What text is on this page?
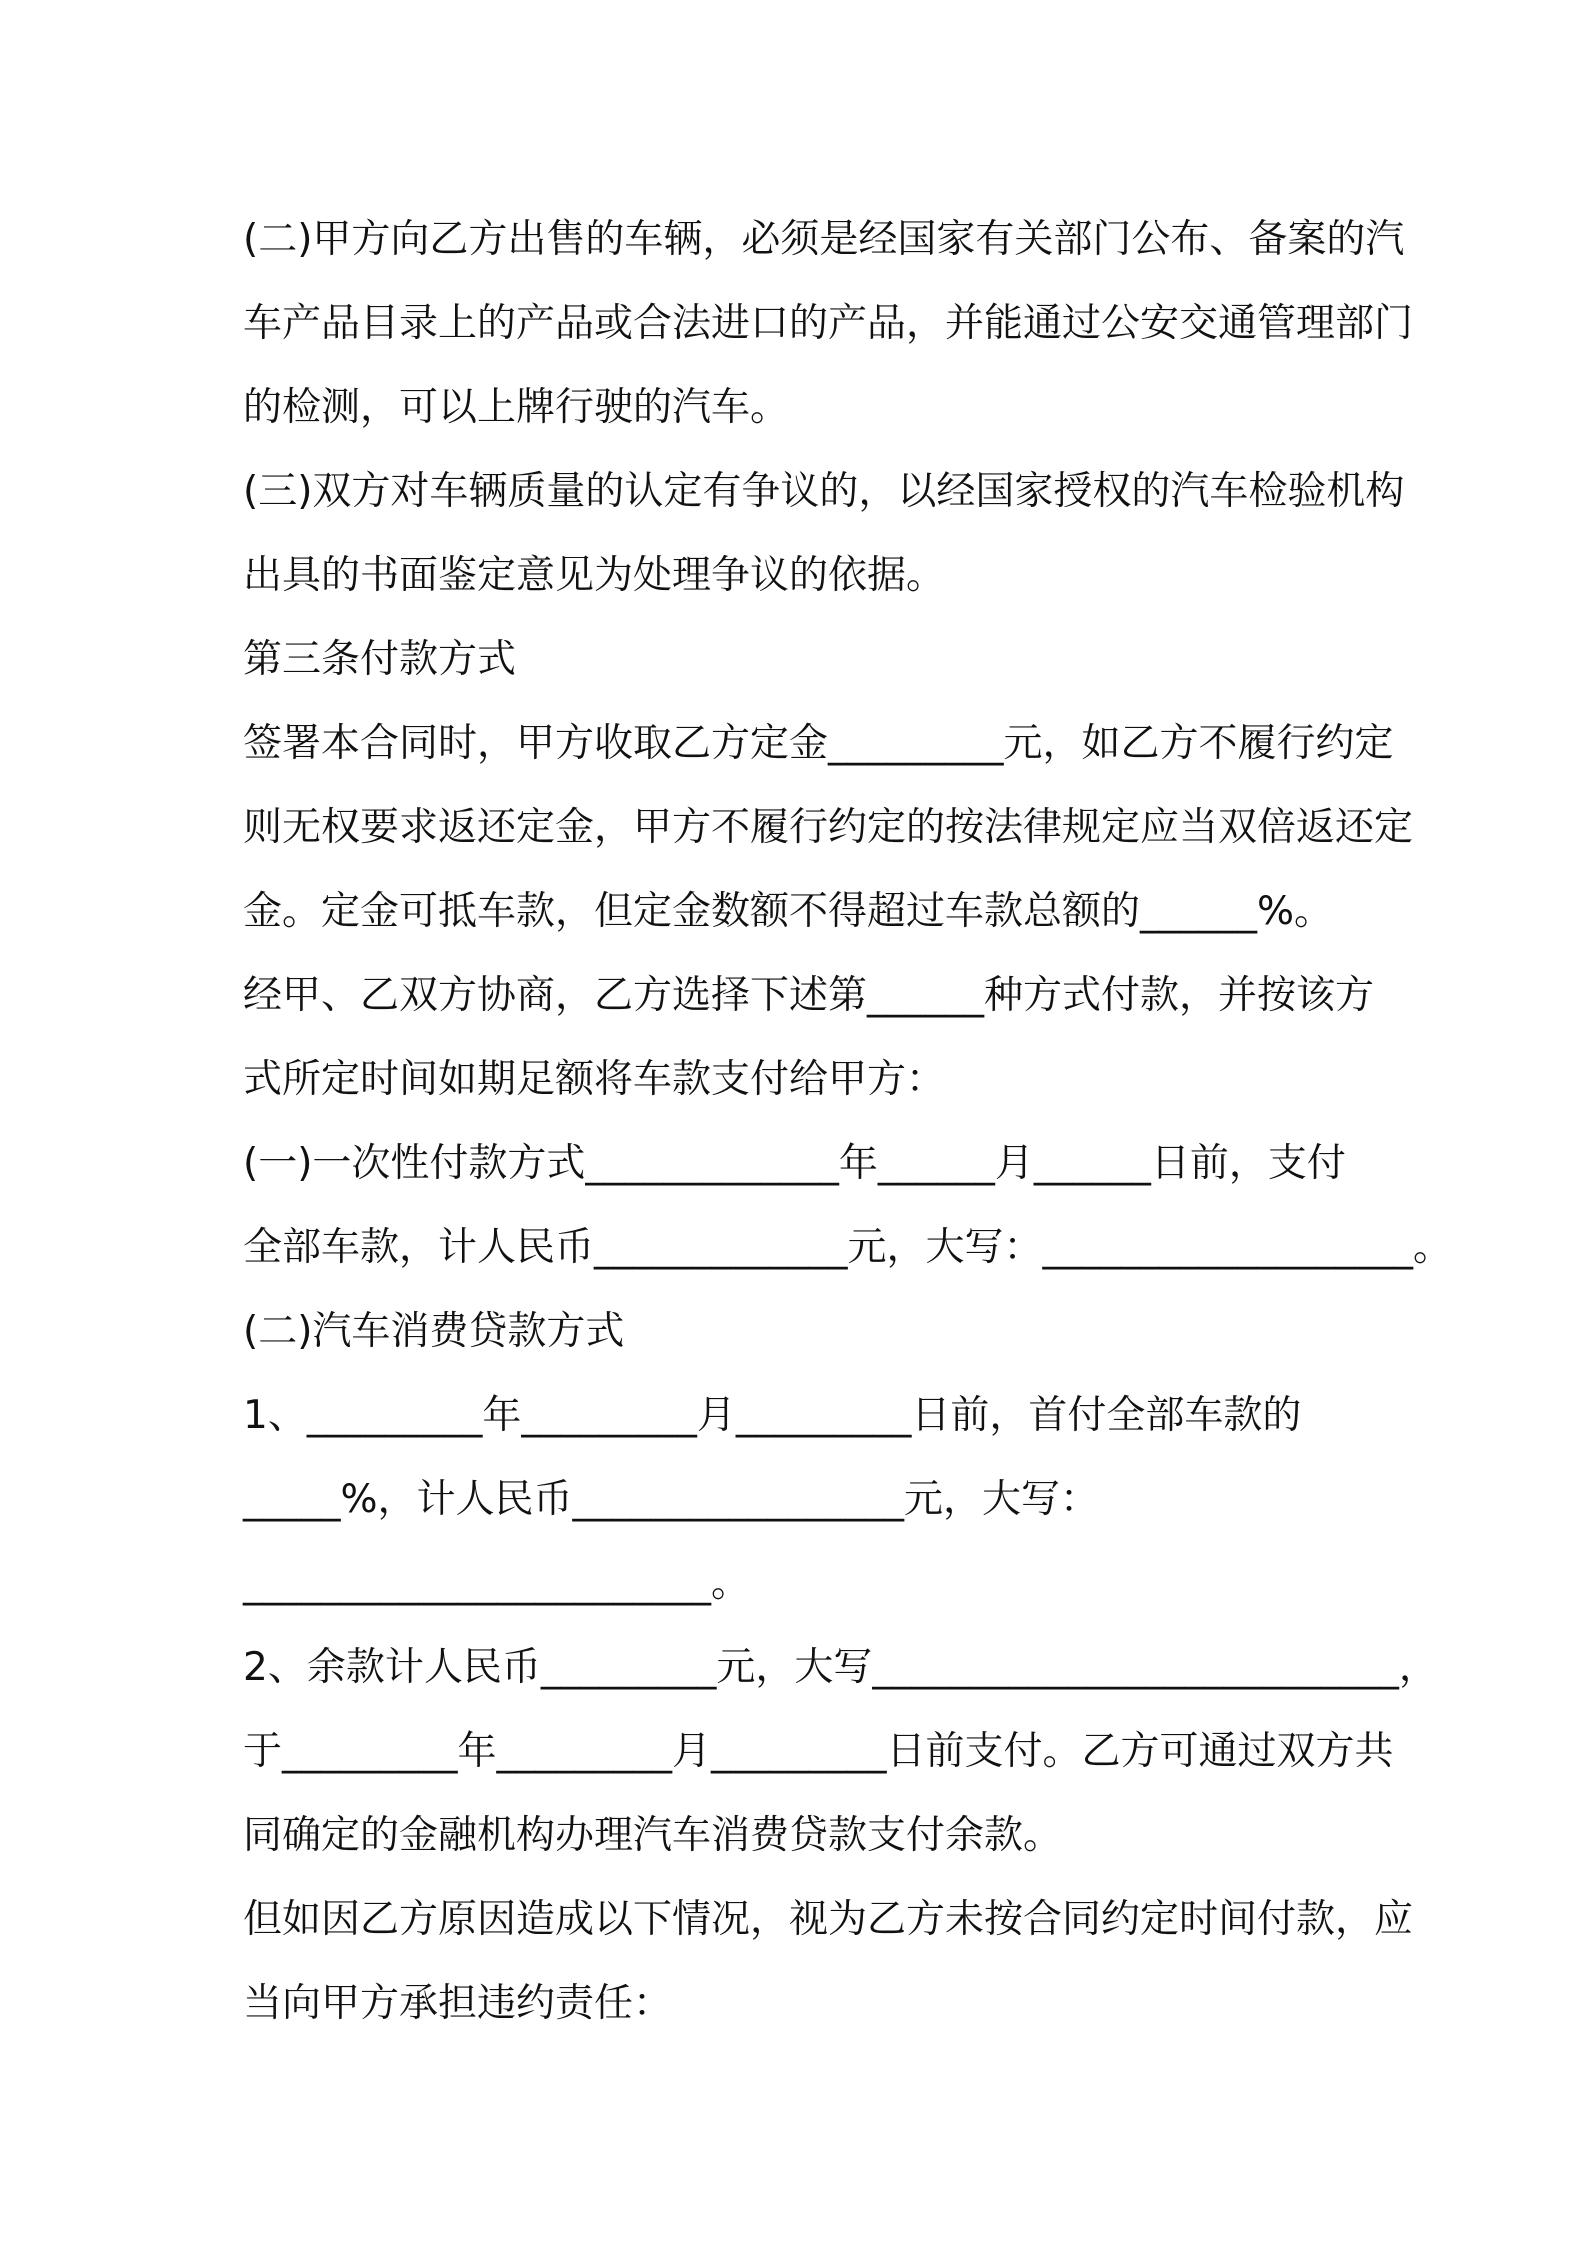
(二)甲方向乙方出售的车辆，必须是经国家有关部门公布、备案的汽
车产品目录上的产品或合法进口的产品，并能通过公安交通管理部门
的检测，可以上牌行驶的汽车。
(三)双方对车辆质量的认定有争议的，以经国家授权的汽车检验机构
出具的书面鉴定意见为处理争议的依据。
第三条付款方式
签署本合同时，甲方收取乙方定金_________元，如乙方不履行约定
则无权要求返还定金，甲方不履行约定的按法律规定应当双倍返还定
金。定金可抵车款，但定金数额不得超过车款总额的______%。
经甲、乙双方协商，乙方选择下述第______种方式付款，并按该方
式所定时间如期足额将车款支付给甲方：
(一)一次性付款方式_____________年______月______日前，支付
全部车款，计人民币_____________元，大写：___________________。
(二)汽车消费贷款方式
1、_________年_________月_________日前，首付全部车款的
_____%，计人民币_________________元，大写：
________________________。
2、余款计人民币_________元，大写___________________________，
于_________年_________月_________日前支付。乙方可通过双方共
同确定的金融机构办理汽车消费贷款支付余款。
但如因乙方原因造成以下情况，视为乙方未按合同约定时间付款，应
当向甲方承担违约责任：
